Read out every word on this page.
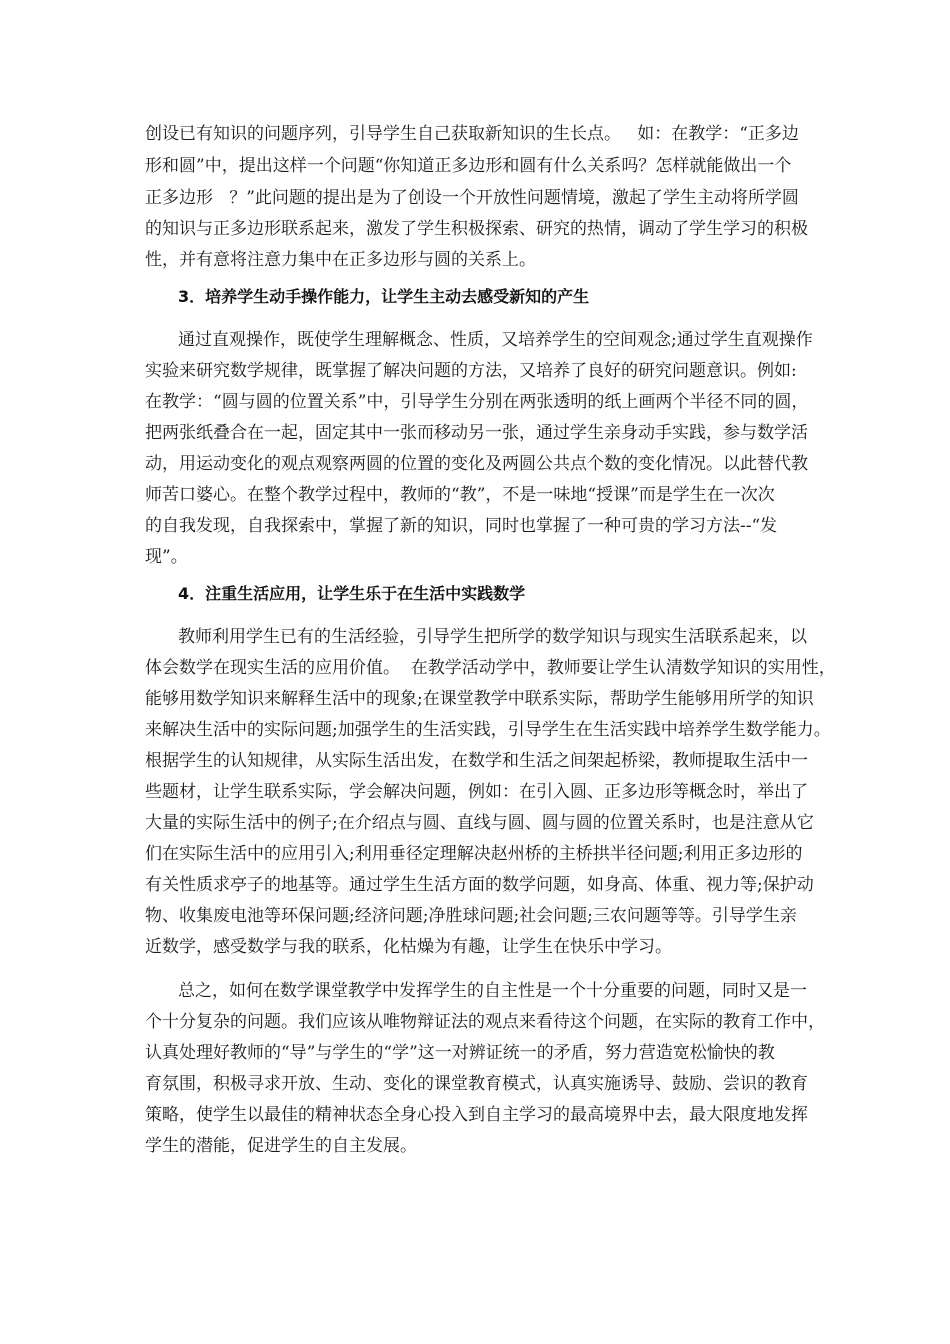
创设已有知识的问题序列，引导学生自己获取新知识的生长点。   如：在教学：“正多边
形和圆”中，提出这样一个问题“你知道正多边形和圆有什么关系吗？怎样就能做出一个
正多边形   ？”此问题的提出是为了创设一个开放性问题情境，激起了学生主动将所学圆
的知识与正多边形联系起来，激发了学生积极探索、研究的热情，调动了学生学习的积极
性，并有意将注意力集中在正多边形与圆的关系上。
3．培养学生动手操作能力，让学生主动去感受新知的产生
通过直观操作，既使学生理解概念、性质，又培养学生的空间观念;通过学生直观操作
实验来研究数学规律，既掌握了解决问题的方法，又培养了良好的研究问题意识。例如:
在教学：“圆与圆的位置关系”中，引导学生分别在两张透明的纸上画两个半径不同的圆，
把两张纸叠合在一起，固定其中一张而移动另一张，通过学生亲身动手实践，参与数学活
动，用运动变化的观点观察两圆的位置的变化及两圆公共点个数的变化情况。以此替代教
师苦口婆心。在整个教学过程中，教师的“教”，不是一味地“授课”而是学生在一次次
的自我发现，自我探索中，掌握了新的知识，同时也掌握了一种可贵的学习方法--“发
现”。
4．注重生活应用，让学生乐于在生活中实践数学
教师利用学生已有的生活经验，引导学生把所学的数学知识与现实生活联系起来，以
体会数学在现实生活的应用价值。  在教学活动学中，教师要让学生认清数学知识的实用性，
能够用数学知识来解释生活中的现象;在课堂教学中联系实际，帮助学生能够用所学的知识
来解决生活中的实际问题;加强学生的生活实践，引导学生在生活实践中培养学生数学能力。
根据学生的认知规律，从实际生活出发，在数学和生活之间架起桥梁，教师提取生活中一
些题材，让学生联系实际，学会解决问题，例如：在引入圆、正多边形等概念时，举出了
大量的实际生活中的例子;在介绍点与圆、直线与圆、圆与圆的位置关系时，也是注意从它
们在实际生活中的应用引入;利用垂径定理解决赵州桥的主桥拱半径问题;利用正多边形的
有关性质求亭子的地基等。通过学生生活方面的数学问题，如身高、体重、视力等;保护动
物、收集废电池等环保问题;经济问题;净胜球问题;社会问题;三农问题等等。引导学生亲
近数学，感受数学与我的联系，化枯燥为有趣，让学生在快乐中学习。
总之，如何在数学课堂教学中发挥学生的自主性是一个十分重要的问题，同时又是一
个十分复杂的问题。我们应该从唯物辩证法的观点来看待这个问题，在实际的教育工作中，
认真处理好教师的“导”与学生的“学”这一对辨证统一的矛盾，努力营造宽松愉快的教
育氛围，积极寻求开放、生动、变化的课堂教育模式，认真实施诱导、鼓励、尝识的教育
策略，使学生以最佳的精神状态全身心投入到自主学习的最高境界中去，最大限度地发挥
学生的潜能，促进学生的自主发展。
